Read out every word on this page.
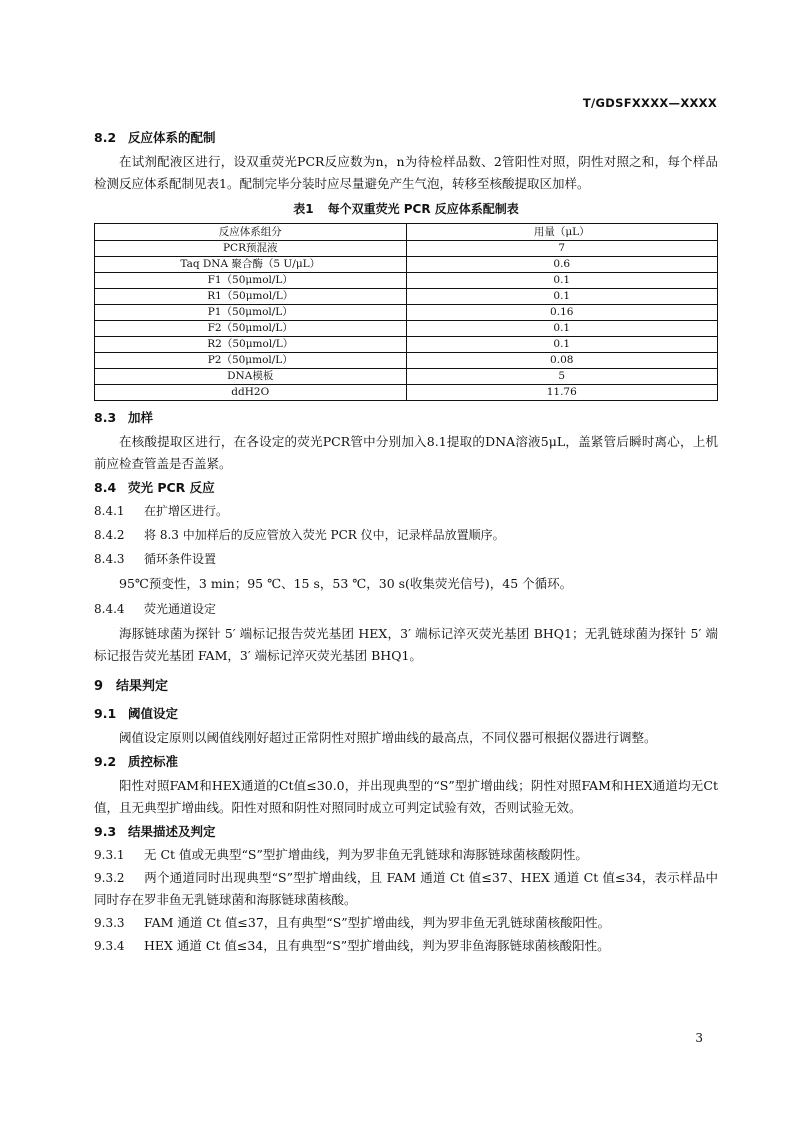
T/GDSFXXXX—XXXX
8.2 反应体系的配制
在试剂配液区进行，设双重荧光PCR反应数为n，n为待检样品数、2管阳性对照，阴性对照之和，每个样品检测反应体系配制见表1。配制完毕分装时应尽量避免产生气泡，转移至核酸提取区加样。
表1 每个双重荧光 PCR 反应体系配制表
反应体系组分	用量（μL）
PCR预混液	7
Taq DNA 聚合酶（5 U/μL）	0.6
F1（50μmol/L）	0.1
R1（50μmol/L）	0.1
P1（50μmol/L）	0.16
F2（50μmol/L）	0.1
R2（50μmol/L）	0.1
P2（50μmol/L）	0.08
DNA模板	5
ddH2O	11.76
8.3 加样
在核酸提取区进行，在各设定的荧光PCR管中分别加入8.1提取的DNA溶液5μL，盖紧管后瞬时离心，上机前应检查管盖是否盖紧。
8.4 荧光 PCR 反应
8.4.1 在扩增区进行。
8.4.2 将 8.3 中加样后的反应管放入荧光 PCR 仪中，记录样品放置顺序。
8.4.3 循环条件设置
95℃预变性，3 min；95 ℃、15 s，53 ℃，30 s(收集荧光信号)，45 个循环。
8.4.4 荧光通道设定
海豚链球菌为探针 5′ 端标记报告荧光基团 HEX，3′ 端标记淬灭荧光基团 BHQ1；无乳链球菌为探针 5′ 端标记报告荧光基团 FAM，3′ 端标记淬灭荧光基团 BHQ1。
9 结果判定
9.1 阈值设定
阈值设定原则以阈值线刚好超过正常阴性对照扩增曲线的最高点，不同仪器可根据仪器进行调整。
9.2 质控标准
阳性对照FAM和HEX通道的Ct值≤30.0，并出现典型的“S”型扩增曲线；阴性对照FAM和HEX通道均无Ct值，且无典型扩增曲线。阳性对照和阴性对照同时成立可判定试验有效，否则试验无效。
9.3 结果描述及判定
9.3.1 无 Ct 值或无典型“S”型扩增曲线，判为罗非鱼无乳链球和海豚链球菌核酸阴性。
9.3.2 两个通道同时出现典型“S”型扩增曲线，且 FAM 通道 Ct 值≤37、HEX 通道 Ct 值≤34，表示样品中同时存在罗非鱼无乳链球菌和海豚链球菌核酸。
9.3.3 FAM 通道 Ct 值≤37，且有典型“S”型扩增曲线，判为罗非鱼无乳链球菌核酸阳性。
9.3.4 HEX 通道 Ct 值≤34，且有典型“S”型扩增曲线，判为罗非鱼海豚链球菌核酸阳性。
3
